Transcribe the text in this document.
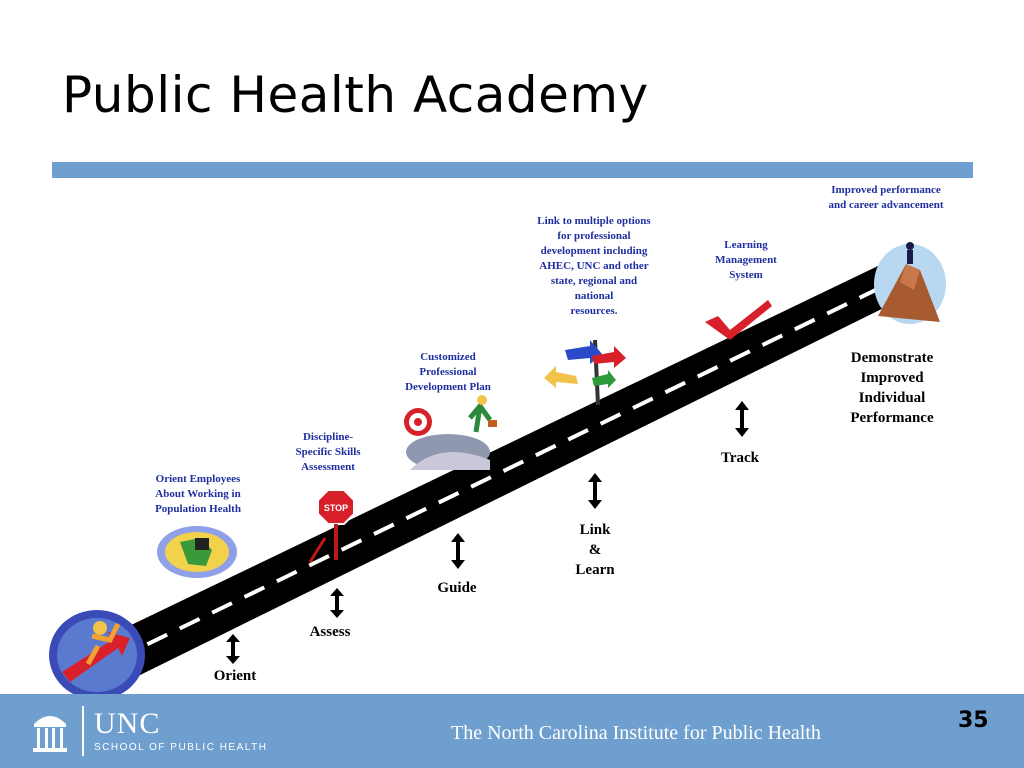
Public Health Academy
STOP
Orient Employees
About Working in
Population Health
Discipline-
Specific Skills
Assessment
Customized
Professional
Development Plan
Link to multiple options
for professional
development including
AHEC, UNC and other
state, regional and
national
resources.
Learning
Management
System
Improved performance
and career advancement
Orient
Assess
Guide
Link
&
Learn
Track
Demonstrate
Improved
Individual
Performance
UNC
SCHOOL OF PUBLIC HEALTH
The North Carolina Institute for Public Health	35
